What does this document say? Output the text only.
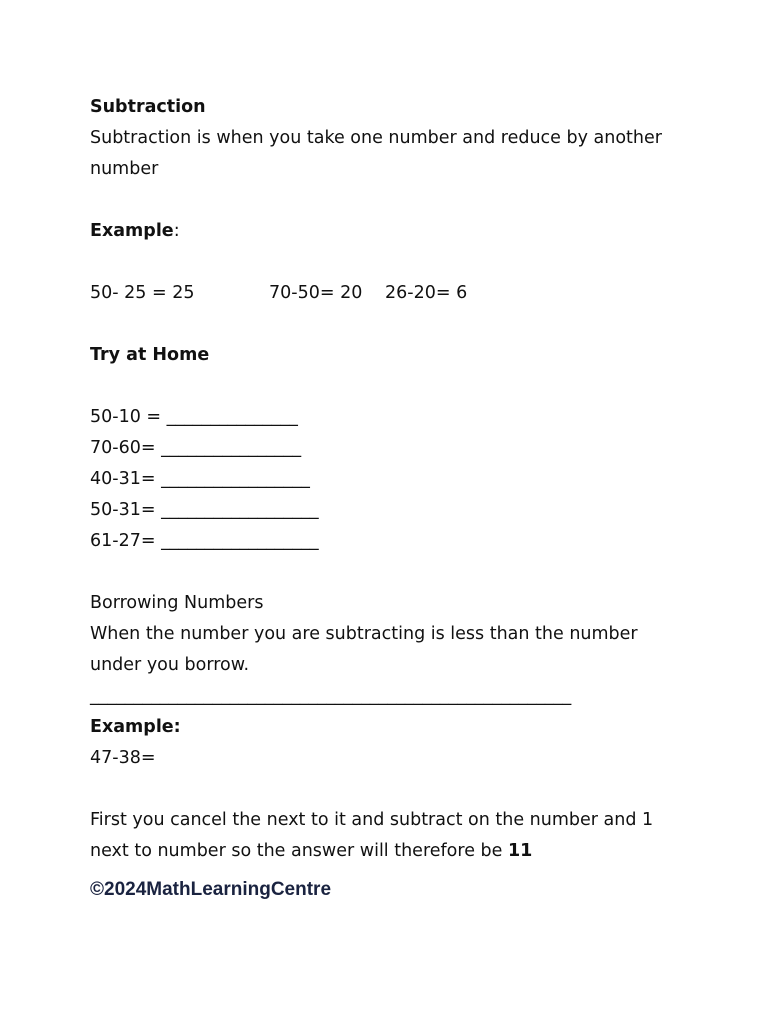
Subtraction
Subtraction is when you take one number and reduce by another
number
Example:
50- 25 = 25	70-50= 20 26-20= 6
Try at Home
50-10 = _______________
70-60= ________________
40-31= _________________
50-31= __________________
61-27= __________________
Borrowing Numbers
When the number you are subtracting is less than the number
under you borrow.
_______________________________________________________
Example:
47-38=
First you cancel the next to it and subtract on the number and 1
next to number so the answer will therefore be 11
©2024MathLearningCentre
